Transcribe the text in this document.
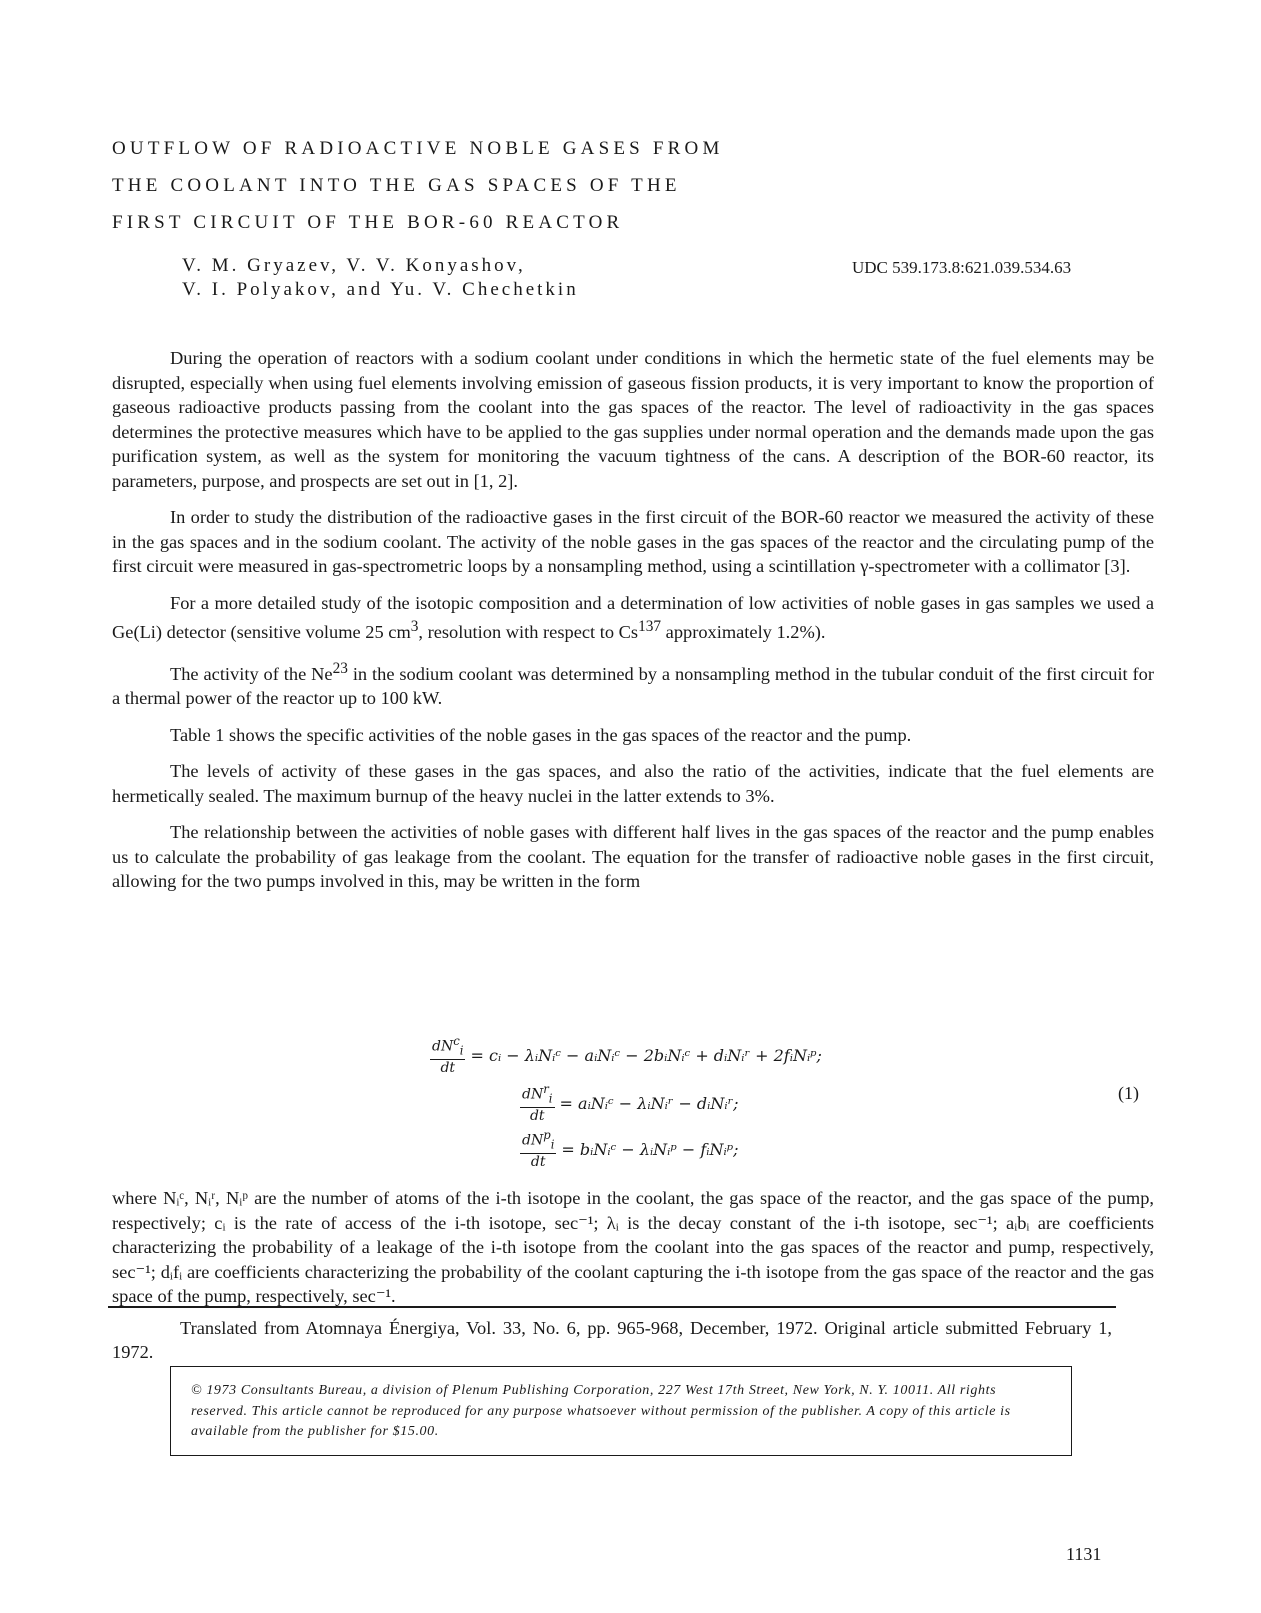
OUTFLOW OF RADIOACTIVE NOBLE GASES FROM
THE COOLANT INTO THE GAS SPACES OF THE
FIRST CIRCUIT OF THE BOR-60 REACTOR
V. M. Gryazev, V. V. Konyashov,
V. I. Polyakov, and Yu. V. Chechetkin
UDC 539.173.8:621.039.534.63

During the operation of reactors with a sodium coolant under conditions in which the hermetic state of the fuel elements may be disrupted, especially when using fuel elements involving emission of gaseous fission products, it is very important to know the proportion of gaseous radioactive products passing from the coolant into the gas spaces of the reactor. The level of radioactivity in the gas spaces determines the protective measures which have to be applied to the gas supplies under normal operation and the demands made upon the gas purification system, as well as the system for monitoring the vacuum tightness of the cans. A description of the BOR-60 reactor, its parameters, purpose, and prospects are set out in [1, 2].

In order to study the distribution of the radioactive gases in the first circuit of the BOR-60 reactor we measured the activity of these in the gas spaces and in the sodium coolant. The activity of the noble gases in the gas spaces of the reactor and the circulating pump of the first circuit were measured in gas-spectrometric loops by a nonsampling method, using a scintillation γ-spectrometer with a collimator [3].

For a more detailed study of the isotopic composition and a determination of low activities of noble gases in gas samples we used a Ge(Li) detector (sensitive volume 25 $cm^3$, resolution with respect to Cs$^{137}$ approximately 1.2%).

The activity of the Ne$^{23}$ in the sodium coolant was determined by a nonsampling method in the tubular conduit of the first circuit for a thermal power of the reactor up to 100 kW.

Table 1 shows the specific activities of the noble gases in the gas spaces of the reactor and the pump.

The levels of activity of these gases in the gas spaces, and also the ratio of the activities, indicate that the fuel elements are hermetically sealed. The maximum burnup of the heavy nuclei in the latter extends to 3%.

The relationship between the activities of noble gases with different half lives in the gas spaces of the reactor and the pump enables us to calculate the probability of gas leakage from the coolant. The equation for the transfer of radioactive noble gases in the first circuit, allowing for the two pumps involved in this, may be written in the form

$\frac{dN^c_i}{dt}$ = cᵢ − λᵢNᵢᶜ − aᵢNᵢᶜ − 2bᵢNᵢᶜ + dᵢNᵢʳ + 2fᵢNᵢᵖ;
$\frac{dN^r_i}{dt}$ = aᵢNᵢᶜ − λᵢNᵢʳ − dᵢNᵢʳ;
$\frac{dN^p_i}{dt}$ = bᵢNᵢᶜ − λᵢNᵢᵖ − fᵢNᵢᵖ;
(1)
where Nᵢᶜ, Nᵢʳ, Nᵢᵖ are the number of atoms of the i-th isotope in the coolant, the gas space of the reactor, and the gas space of the pump, respectively; cᵢ is the rate of access of the i-th isotope, sec⁻¹; λᵢ is the decay constant of the i-th isotope, sec⁻¹; aᵢbᵢ are coefficients characterizing the probability of a leakage of the i-th isotope from the coolant into the gas spaces of the reactor and pump, respectively, sec⁻¹; dᵢfᵢ are coefficients characterizing the probability of the coolant capturing the i-th isotope from the gas space of the reactor and the gas space of the pump, respectively, sec⁻¹.
Translated from Atomnaya Énergiya, Vol. 33, No. 6, pp. 965-968, December, 1972. Original article submitted February 1, 1972.
© 1973 Consultants Bureau, a division of Plenum Publishing Corporation, 227 West 17th Street, New York, N. Y. 10011. All rights reserved. This article cannot be reproduced for any purpose whatsoever without permission of the publisher. A copy of this article is available from the publisher for $15.00.
1131
